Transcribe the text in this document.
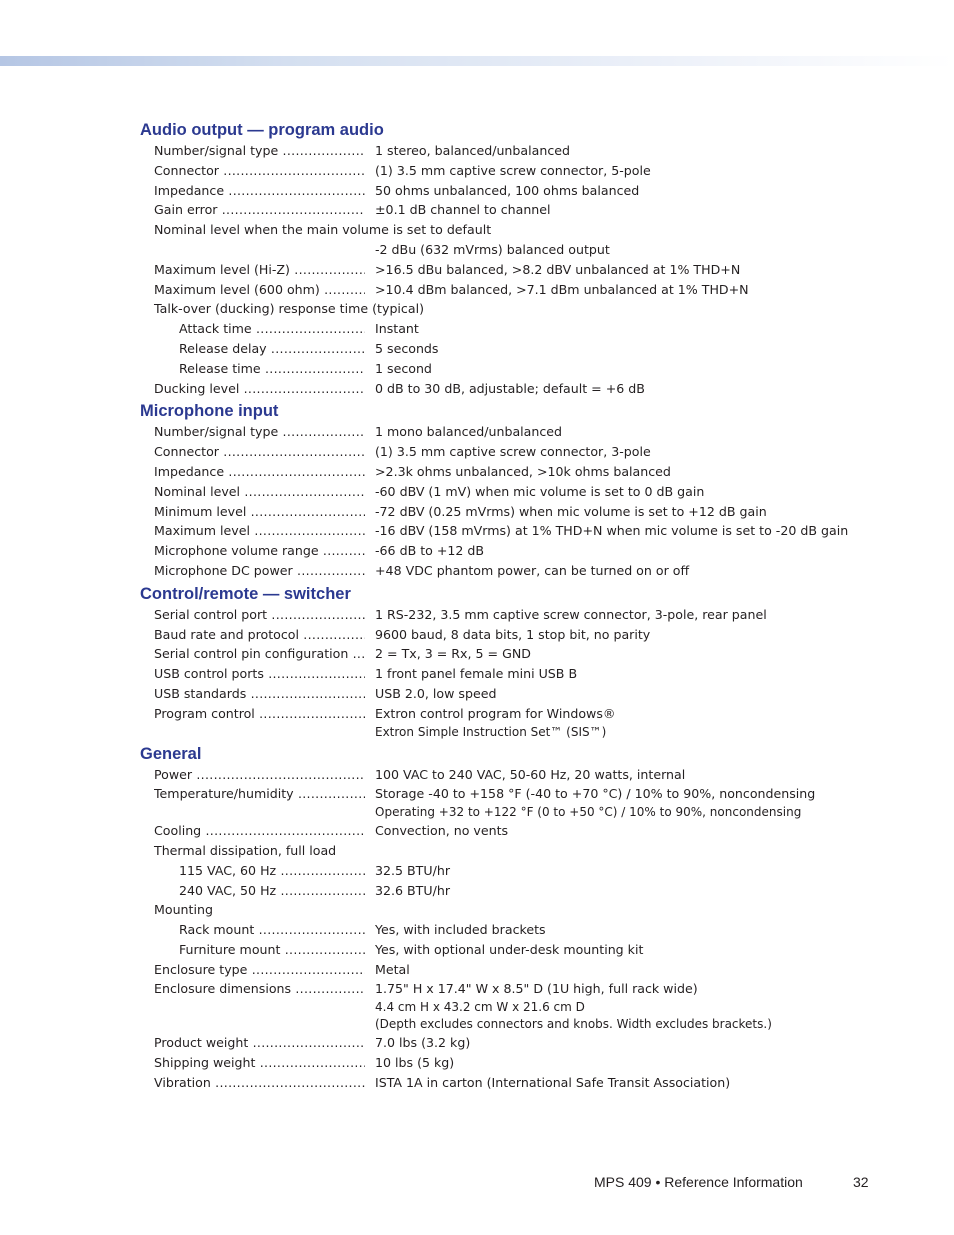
Audio output — program audio
Number/signal type .....	1 stereo, balanced/unbalanced
Connector .....	(1) 3.5 mm captive screw connector, 5-pole
Impedance .....	50 ohms unbalanced, 100 ohms balanced
Gain error .....	±0.1 dB channel to channel
Nominal level when the main volume is set to default
-2 dBu (632 mVrms) balanced output
Maximum level (Hi-Z) .....	>16.5 dBu balanced, >8.2 dBV unbalanced at 1% THD+N
Maximum level (600 ohm) .....	>10.4 dBm balanced, >7.1 dBm unbalanced at 1% THD+N
Talk-over (ducking) response time (typical)
Attack time .....	Instant
Release delay .....	5 seconds
Release time .....	1 second
Ducking level .....	0 dB to 30 dB, adjustable; default = +6 dB
Microphone input
Number/signal type .....	1 mono balanced/unbalanced
Connector .....	(1) 3.5 mm captive screw connector, 3-pole
Impedance .....	>2.3k ohms unbalanced, >10k ohms balanced
Nominal level .....	-60 dBV (1 mV) when mic volume is set to 0 dB gain
Minimum level .....	-72 dBV (0.25 mVrms) when mic volume is set to +12 dB gain
Maximum level .....	-16 dBV (158 mVrms) at 1% THD+N when mic volume is set to -20 dB gain
Microphone volume range .....	-66 dB to +12 dB
Microphone DC power .....	+48 VDC phantom power, can be turned on or off
Control/remote — switcher
Serial control port .....	1 RS-232, 3.5 mm captive screw connector, 3-pole, rear panel
Baud rate and protocol .....	9600 baud, 8 data bits, 1 stop bit, no parity
Serial control pin configuration .....	2 = Tx, 3 = Rx, 5 = GND
USB control ports .....	1 front panel female mini USB B
USB standards .....	USB 2.0, low speed
Program control .....	Extron control program for Windows®
Extron Simple Instruction Set™ (SIS™)
General
Power .....	100 VAC to 240 VAC, 50-60 Hz, 20 watts, internal
Temperature/humidity .....	Storage -40 to +158 °F (-40 to +70 °C) / 10% to 90%, noncondensing
Operating +32 to +122 °F (0 to +50 °C) / 10% to 90%, noncondensing
Cooling .....	Convection, no vents
Thermal dissipation, full load
115 VAC, 60 Hz .....	32.5 BTU/hr
240 VAC, 50 Hz .....	32.6 BTU/hr
Mounting
Rack mount .....	Yes, with included brackets
Furniture mount .....	Yes, with optional under-desk mounting kit
Enclosure type .....	Metal
Enclosure dimensions .....	1.75" H x 17.4" W x 8.5" D (1U high, full rack wide)
4.4 cm H x 43.2 cm W x 21.6 cm D
(Depth excludes connectors and knobs. Width excludes brackets.)
Product weight .....	7.0 lbs (3.2 kg)
Shipping weight .....	10 lbs (5 kg)
Vibration .....	ISTA 1A in carton (International Safe Transit Association)
MPS 409 • Reference Information	32
